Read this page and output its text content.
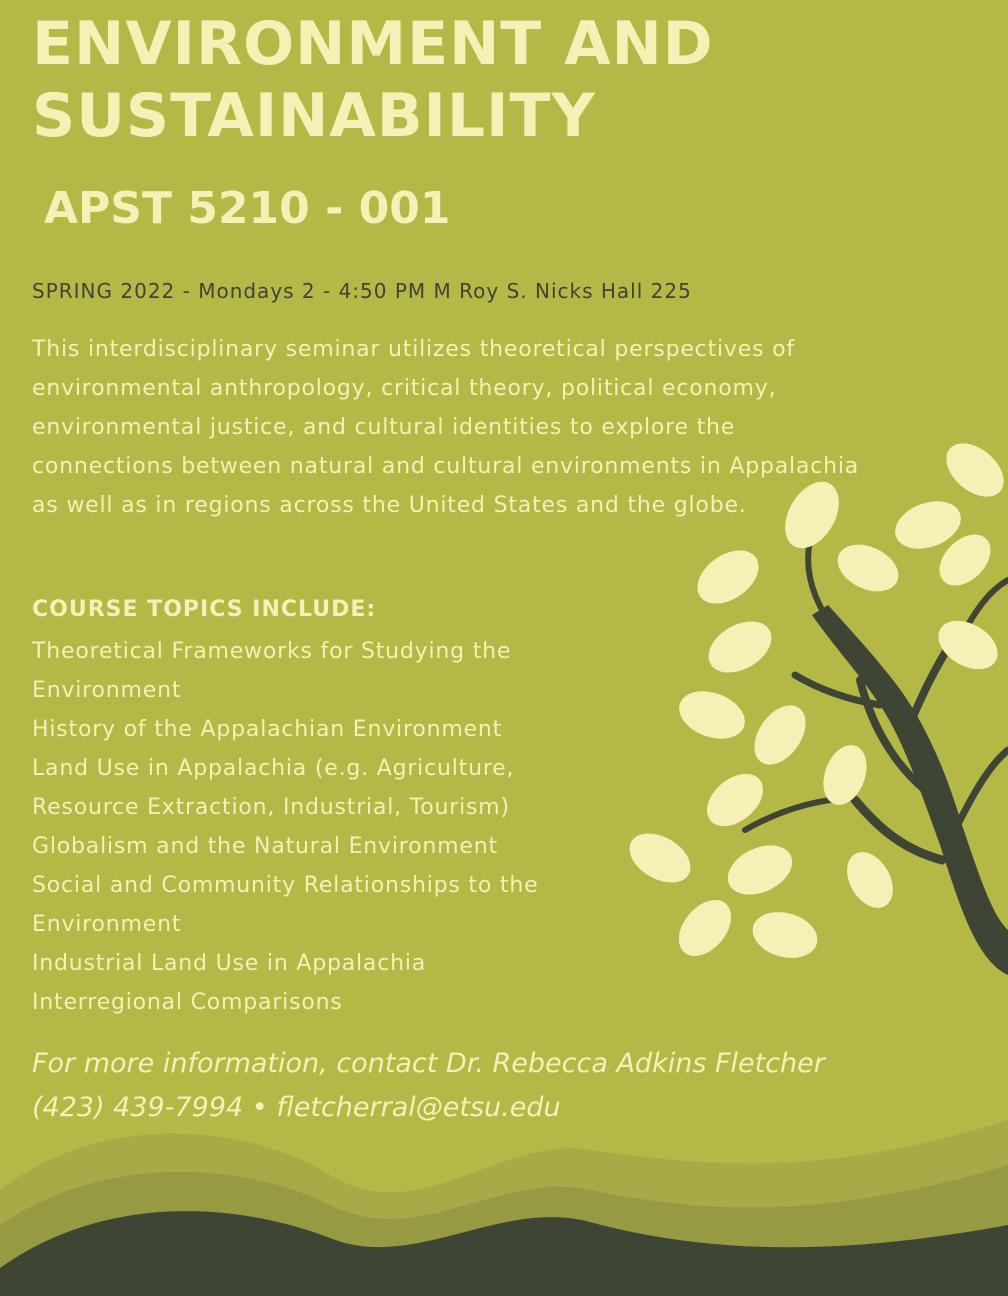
ENVIRONMENT AND
SUSTAINABILITY
APST 5210 - 001

SPRING 2022 - Mondays 2 - 4:50 PM M Roy S. Nicks Hall 225

This interdisciplinary seminar utilizes theoretical perspectives of environmental anthropology, critical theory, political economy, environmental justice, and cultural identities to explore the connections between natural and cultural environments in Appalachia as well as in regions across the United States and the globe.

COURSE TOPICS INCLUDE:
Theoretical Frameworks for Studying the Environment
History of the Appalachian Environment
Land Use in Appalachia (e.g. Agriculture, Resource Extraction, Industrial, Tourism)
Globalism and the Natural Environment
Social and Community Relationships to the Environment
Industrial Land Use in Appalachia
Interregional Comparisons

For more information, contact Dr. Rebecca Adkins Fletcher
(423) 439-7994 • fletcherral@etsu.edu
